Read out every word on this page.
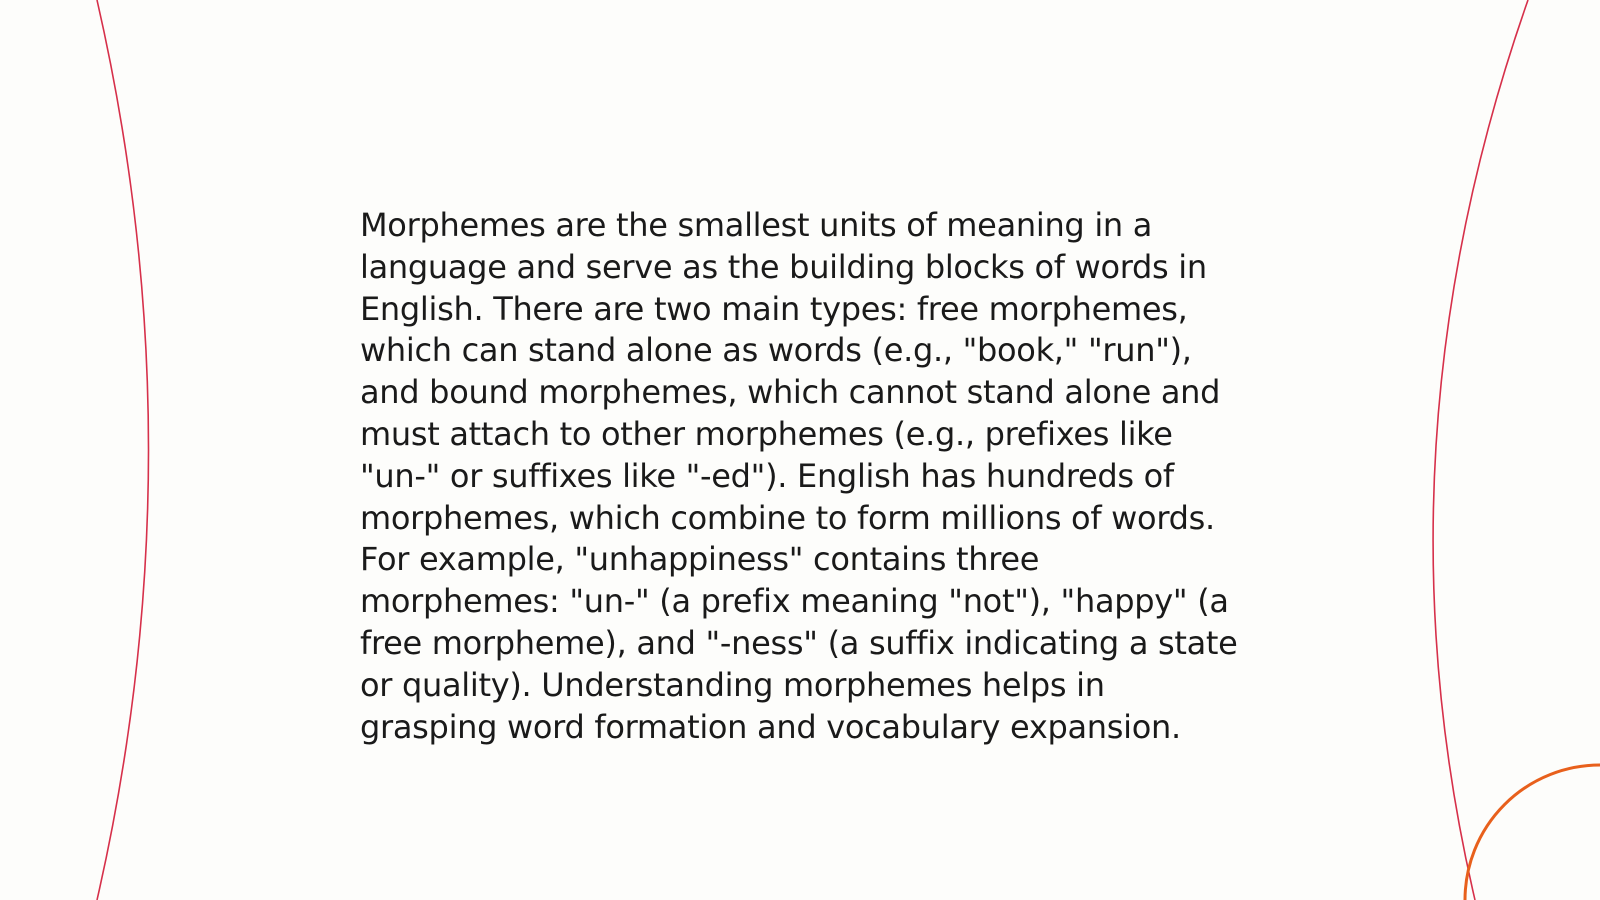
Morphemes are the smallest units of meaning in a language and serve as the building blocks of words in English. There are two main types: free morphemes, which can stand alone as words (e.g., "book," "run"), and bound morphemes, which cannot stand alone and must attach to other morphemes (e.g., prefixes like "un-" or suffixes like "-ed"). English has hundreds of morphemes, which combine to form millions of words. For example, "unhappiness" contains three morphemes: "un-" (a prefix meaning "not"), "happy" (a free morpheme), and "-ness" (a suffix indicating a state or quality). Understanding morphemes helps in grasping word formation and vocabulary expansion.
